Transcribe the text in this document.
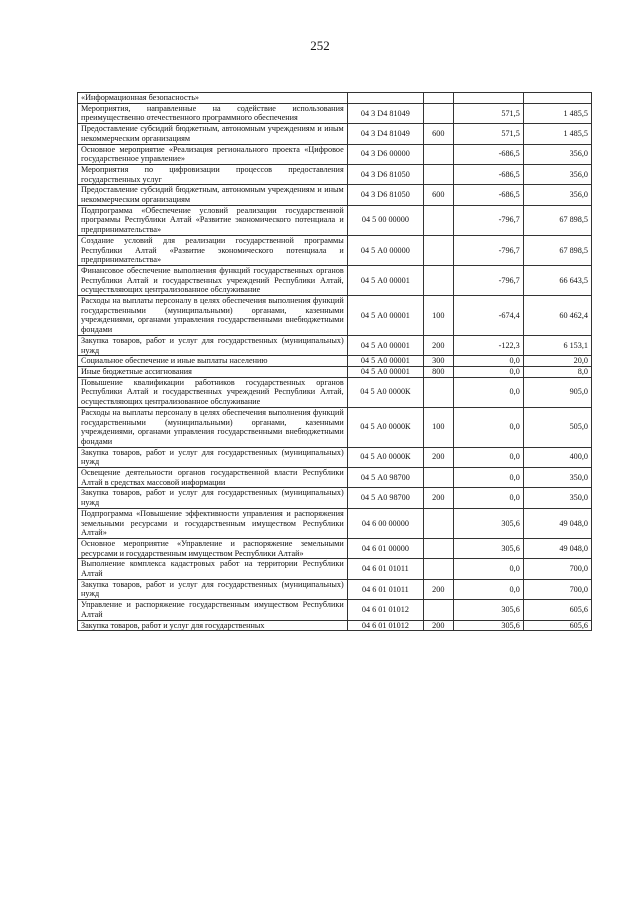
252
«Информационная безопасность»				
Мероприятия, направленные на содействие использования преимущественно отечественного программного обеспечения	04 3 D4 81049		571,5	1 485,5
Предоставление субсидий бюджетным, автономным учреждениям и иным некоммерческим организациям	04 3 D4 81049	600	571,5	1 485,5
Основное мероприятие «Реализация регионального проекта «Цифровое государственное управление»	04 3 D6 00000		-686,5	356,0
Мероприятия по цифровизации процессов предоставления государственных услуг	04 3 D6 81050		-686,5	356,0
Предоставление субсидий бюджетным, автономным учреждениям и иным некоммерческим организациям	04 3 D6 81050	600	-686,5	356,0
Подпрограмма «Обеспечение условий реализации государственной программы Республики Алтай «Развитие экономического потенциала и предпринимательства»	04 5 00 00000		-796,7	67 898,5
Создание условий для реализации государственной программы Республики Алтай «Развитие экономического потенциала и предпринимательства»	04 5 А0 00000		-796,7	67 898,5
Финансовое обеспечение выполнения функций государственных органов Республики Алтай и государственных учреждений Республики Алтай, осуществляющих централизованное обслуживание	04 5 А0 00001		-796,7	66 643,5
Расходы на выплаты персоналу в целях обеспечения выполнения функций государственными (муниципальными) органами, казенными учреждениями, органами управления государственными внебюджетными фондами	04 5 А0 00001	100	-674,4	60 462,4
Закупка товаров, работ и услуг для государственных (муниципальных) нужд	04 5 А0 00001	200	-122,3	6 153,1
Социальное обеспечение и иные выплаты населению	04 5 А0 00001	300	0,0	20,0
Иные бюджетные ассигнования	04 5 А0 00001	800	0,0	8,0
Повышение квалификации работников государственных органов Республики Алтай и государственных учреждений Республики Алтай, осуществляющих централизованное обслуживание	04 5 А0 0000К		0,0	905,0
Расходы на выплаты персоналу в целях обеспечения выполнения функций государственными (муниципальными) органами, казенными учреждениями, органами управления государственными внебюджетными фондами	04 5 А0 0000К	100	0,0	505,0
Закупка товаров, работ и услуг для государственных (муниципальных) нужд	04 5 А0 0000К	200	0,0	400,0
Освещение деятельности органов государственной власти Республики Алтай в средствах массовой информации	04 5 А0 98700		0,0	350,0
Закупка товаров, работ и услуг для государственных (муниципальных) нужд	04 5 А0 98700	200	0,0	350,0
Подпрограмма «Повышение эффективности управления и распоряжения земельными ресурсами и государственным имуществом Республики Алтай»	04 6 00 00000		305,6	49 048,0
Основное мероприятие «Управление и распоряжение земельными ресурсами и государственным имуществом Республики Алтай»	04 6 01 00000		305,6	49 048,0
Выполнение комплекса кадастровых работ на территории Республики Алтай	04 6 01 01011		0,0	700,0
Закупка товаров, работ и услуг для государственных (муниципальных) нужд	04 6 01 01011	200	0,0	700,0
Управление и распоряжение государственным имуществом Республики Алтай	04 6 01 01012		305,6	605,6
Закупка товаров, работ и услуг для государственных	04 6 01 01012	200	305,6	605,6
